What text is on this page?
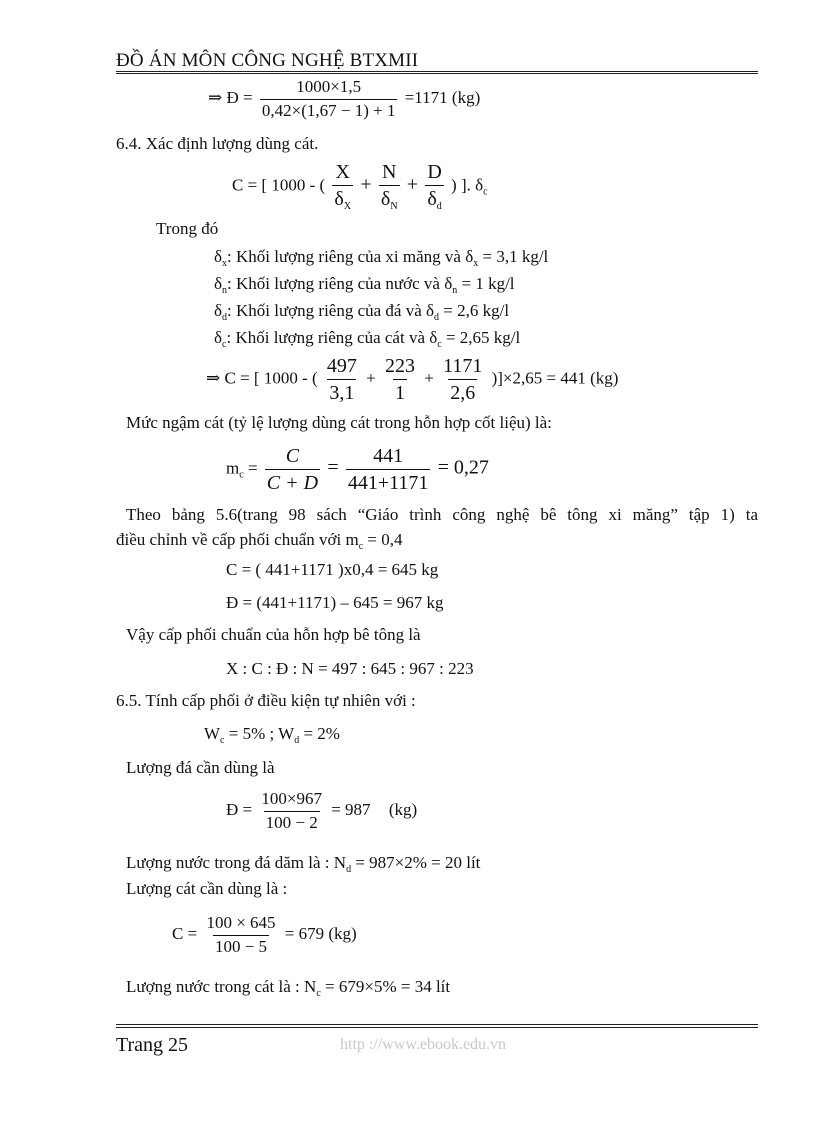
ĐỒ ÁN MÔN CÔNG NGHỆ BTXMII
⇒ Đ = $\frac{1000\times 1,5}{0,42\times(1,67 - 1) + 1} =1171$ (kg)
6.4. Xác định lượng dùng cát.
C = [ 1000 - ( $\frac{X}{\delta_X} + \frac{N}{\delta_N} + \frac{D}{\delta_d}$ ) ]. $\delta_c$
Trong đó
$\delta_x$: Khối lượng riêng của xi măng và $\delta_x = 3,1$ kg/l
$\delta_n$: Khối lượng riêng của nước và $\delta_n = 1$ kg/l
$\delta_d$: Khối lượng riêng của đá và $\delta_d = 2,6$ kg/l
$\delta_c$: Khối lượng riêng của cát và $\delta_c = 2,65$ kg/l
⇒ C = [ 1000 - ( $\frac{497}{3,1} + \frac{223}{1} + \frac{1171}{2,6} )]\times 2,65 = 441$ (kg)
Mức ngậm cát (tỷ lệ lượng dùng cát trong hỗn hợp cốt liệu) là:
$m_c = \frac{C}{C + D} = \frac{441}{441+1171} = 0,27$
Theo bảng 5.6(trang 98 sách “Giáo trình công nghệ bê tông xi măng” tập 1) ta
điều chỉnh về cấp phối chuẩn với $m_c = 0,4$
C = ( 441+1171 )x0,4 = 645 kg
Đ = (441+1171) – 645 = 967 kg
Vậy cấp phối chuẩn của hỗn hợp bê tông là
X : C : Đ : N = 497 : 645 : 967 : 223
6.5. Tính cấp phối ở điều kiện tự nhiên với :
$W_c = 5\%$ ; $W_d = 2\%$
Lượng đá cần dùng là
Đ = $\frac{100\times 967}{100 - 2} = 987$ (kg)
Lượng nước trong đá dăm là : $N_d = 987\times 2\% = 20$ lít
Lượng cát cần dùng là :
$C = \frac{100 \times 645}{100 - 5} = 679$ (kg)
Lượng nước trong cát là : $N_c = 679\times 5\% = 34$ lít
Trang 25	http ://www.ebook.edu.vn
